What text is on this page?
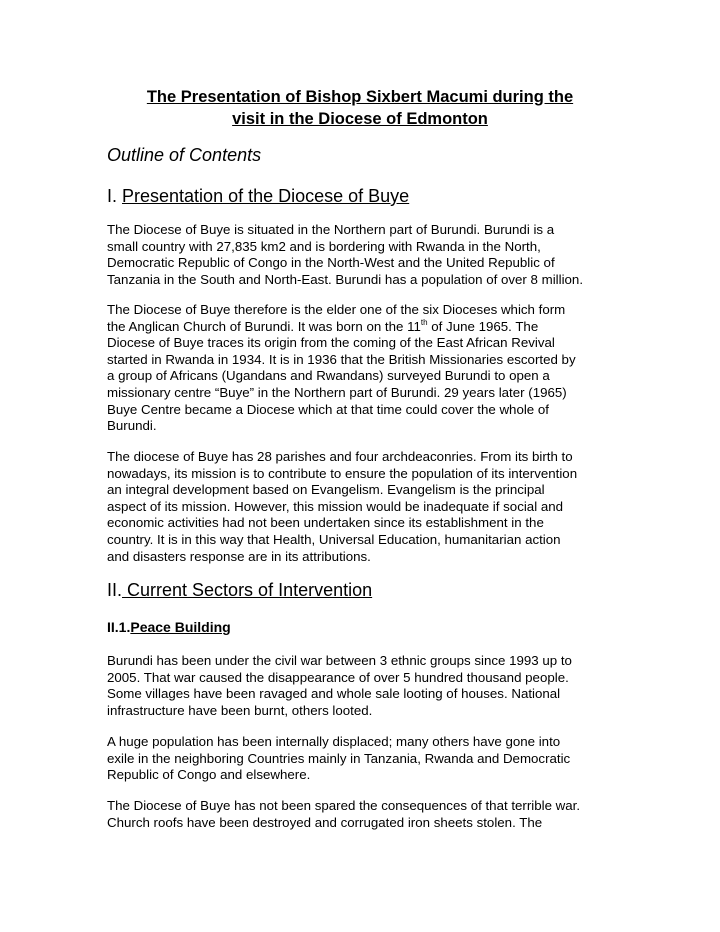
The Presentation of Bishop Sixbert Macumi during the
visit in the Diocese of Edmonton
Outline of Contents
I. Presentation of the Diocese of Buye

The Diocese of Buye is situated in the Northern part of Burundi. Burundi is a
small country with 27,835 km2 and is bordering with Rwanda in the North,
Democratic Republic of Congo in the North-West and the United Republic of
Tanzania in the South and North-East. Burundi has a population of over 8 million.

The Diocese of Buye therefore is the elder one of the six Dioceses which form
the Anglican Church of Burundi. It was born on the 11th of June 1965. The
Diocese of Buye traces its origin from the coming of the East African Revival
started in Rwanda in 1934. It is in 1936 that the British Missionaries escorted by
a group of Africans (Ugandans and Rwandans) surveyed Burundi to open a
missionary centre “Buye” in the Northern part of Burundi. 29 years later (1965)
Buye Centre became a Diocese which at that time could cover the whole of
Burundi.

The diocese of Buye has 28 parishes and four archdeaconries. From its birth to
nowadays, its mission is to contribute to ensure the population of its intervention
an integral development based on Evangelism. Evangelism is the principal
aspect of its mission. However, this mission would be inadequate if social and
economic activities had not been undertaken since its establishment in the
country. It is in this way that Health, Universal Education, humanitarian action
and disasters response are in its attributions.

II. Current Sectors of Intervention
II.1.Peace Building

Burundi has been under the civil war between 3 ethnic groups since 1993 up to
2005. That war caused the disappearance of over 5 hundred thousand people.
Some villages have been ravaged and whole sale looting of houses. National
infrastructure have been burnt, others looted.

A huge population has been internally displaced; many others have gone into
exile in the neighboring Countries mainly in Tanzania, Rwanda and Democratic
Republic of Congo and elsewhere.

The Diocese of Buye has not been spared the consequences of that terrible war.
Church roofs have been destroyed and corrugated iron sheets stolen. The
